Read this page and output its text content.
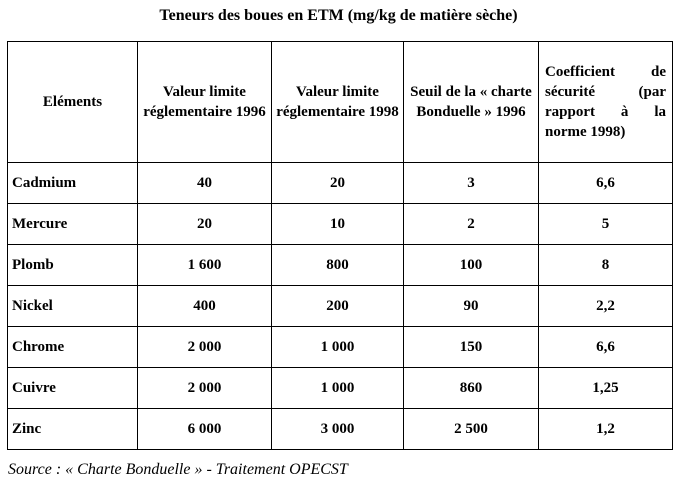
Teneurs des boues en ETM (mg/kg de matière sèche)
Eléments	Valeur limite réglementaire 1996	Valeur limite réglementaire 1998	Seuil de la « charte Bonduelle » 1996	Coefficient de sécurité (par rapport à la norme 1998)
Cadmium	40	20	3	6,6
Mercure	20	10	2	5
Plomb	1 600	800	100	8
Nickel	400	200	90	2,2
Chrome	2 000	1 000	150	6,6
Cuivre	2 000	1 000	860	1,25
Zinc	6 000	3 000	2 500	1,2
Source : « Charte Bonduelle » - Traitement OPECST
